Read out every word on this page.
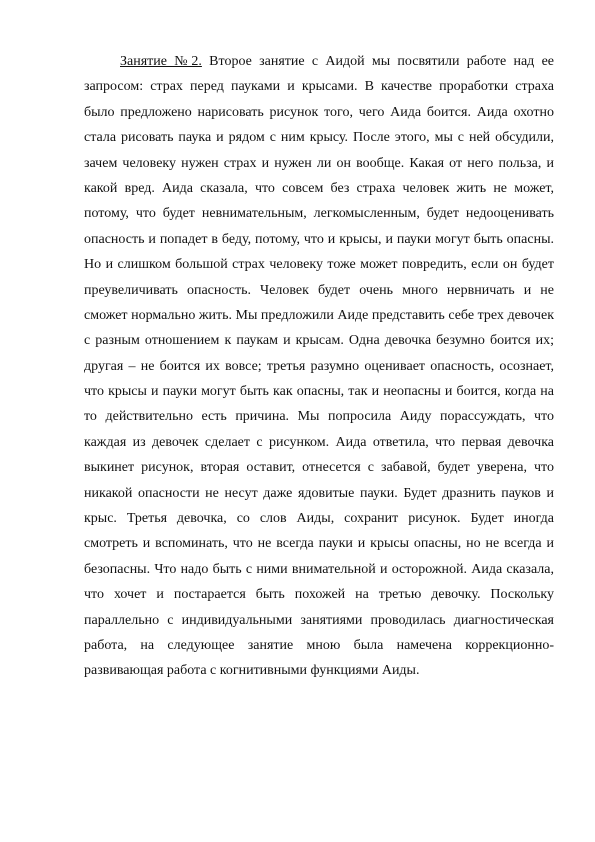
Занятие №2. Второе занятие с Аидой мы посвятили работе над ее
запросом: страх перед пауками и крысами. В качестве проработки страха
было предложено нарисовать рисунок того, чего Аида боится. Аида охотно
стала рисовать паука и рядом с ним крысу. После этого, мы с ней обсудили,
зачем человеку нужен страх и нужен ли он вообще. Какая от него польза, и
какой вред. Аида сказала, что совсем без страха человек жить не может,
потому, что будет невнимательным, легкомысленным, будет недооценивать
опасность и попадет в беду, потому, что и крысы, и пауки могут быть опасны.
Но и слишком большой страх человеку тоже может повредить, если он будет
преувеличивать опасность. Человек будет очень много нервничать и не
сможет нормально жить. Мы предложили Аиде представить себе трех девочек
с разным отношением к паукам и крысам. Одна девочка безумно боится их;
другая – не боится их вовсе; третья разумно оценивает опасность, осознает,
что крысы и пауки могут быть как опасны, так и неопасны и боится, когда на
то действительно есть причина. Мы попросила Аиду порассуждать, что
каждая из девочек сделает с рисунком. Аида ответила, что первая девочка
выкинет рисунок, вторая оставит, отнесется с забавой, будет уверена, что
никакой опасности не несут даже ядовитые пауки. Будет дразнить пауков и
крыс. Третья девочка, со слов Аиды, сохранит рисунок. Будет иногда
смотреть и вспоминать, что не всегда пауки и крысы опасны, но не всегда и
безопасны. Что надо быть с ними внимательной и осторожной. Аида сказала,
что хочет и постарается быть похожей на третью девочку. Поскольку
параллельно с индивидуальными занятиями проводилась диагностическая
работа, на следующее занятие мною была намечена коррекционно-
развивающая работа с когнитивными функциями Аиды.
